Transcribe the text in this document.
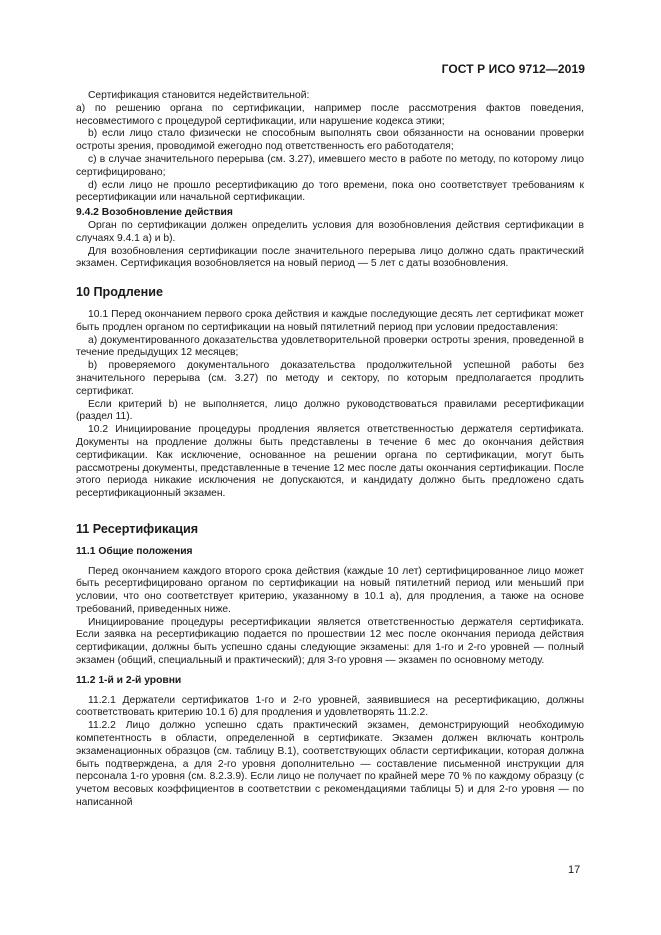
ГОСТ Р ИСО 9712—2019

Сертификация становится недействительной:

а) по решению органа по сертификации, например после рассмотрения фактов поведения, несовместимого с процедурой сертификации, или нарушение кодекса этики;

b) если лицо стало физически не способным выполнять свои обязанности на основании проверки остроты зрения, проводимой ежегодно под ответственность его работодателя;

c) в случае значительного перерыва (см. 3.27), имевшего место в работе по методу, по которому лицо сертифицировано;

d) если лицо не прошло ресертификацию до того времени, пока оно соответствует требованиям к ресертификации или начальной сертификации.

9.4.2 Возобновление действия

Орган по сертификации должен определить условия для возобновления действия сертификации в случаях 9.4.1 а) и b).

Для возобновления сертификации после значительного перерыва лицо должно сдать практический экзамен. Сертификация возобновляется на новый период — 5 лет с даты возобновления.

10 Продление

10.1 Перед окончанием первого срока действия и каждые последующие десять лет сертификат может быть продлен органом по сертификации на новый пятилетний период при условии предоставления:

а) документированного доказательства удовлетворительной проверки остроты зрения, проведенной в течение предыдущих 12 месяцев;

b) проверяемого документального доказательства продолжительной успешной работы без значительного перерыва (см. 3.27) по методу и сектору, по которым предполагается продлить сертификат.

Если критерий b) не выполняется, лицо должно руководствоваться правилами ресертификации (раздел 11).

10.2 Инициирование процедуры продления является ответственностью держателя сертификата. Документы на продление должны быть представлены в течение 6 мес до окончания действия сертификации. Как исключение, основанное на решении органа по сертификации, могут быть рассмотрены документы, представленные в течение 12 мес после даты окончания сертификации. После этого периода никакие исключения не допускаются, и кандидату должно быть предложено сдать ресертификационный экзамен.

11 Ресертификация

11.1 Общие положения

Перед окончанием каждого второго срока действия (каждые 10 лет) сертифицированное лицо может быть ресертифицировано органом по сертификации на новый пятилетний период или меньший при условии, что оно соответствует критерию, указанному в 10.1 а), для продления, а также на основе требований, приведенных ниже.

Инициирование процедуры ресертификации является ответственностью держателя сертификата. Если заявка на ресертификацию подается по прошествии 12 мес после окончания периода действия сертификации, должны быть успешно сданы следующие экзамены: для 1-го и 2-го уровней — полный экзамен (общий, специальный и практический); для 3-го уровня — экзамен по основному методу.

11.2 1-й и 2-й уровни

11.2.1 Держатели сертификатов 1-го и 2-го уровней, заявившиеся на ресертификацию, должны соответствовать критерию 10.1 б) для продления и удовлетворять 11.2.2.

11.2.2 Лицо должно успешно сдать практический экзамен, демонстрирующий необходимую компетентность в области, определенной в сертификате. Экзамен должен включать контроль экзаменационных образцов (см. таблицу В.1), соответствующих области сертификации, которая должна быть подтверждена, а для 2-го уровня дополнительно — составление письменной инструкции для персонала 1-го уровня (см. 8.2.3.9). Если лицо не получает по крайней мере 70 % по каждому образцу (с учетом весовых коэффициентов в соответствии с рекомендациями таблицы 5) и для 2-го уровня — по написанной

17
